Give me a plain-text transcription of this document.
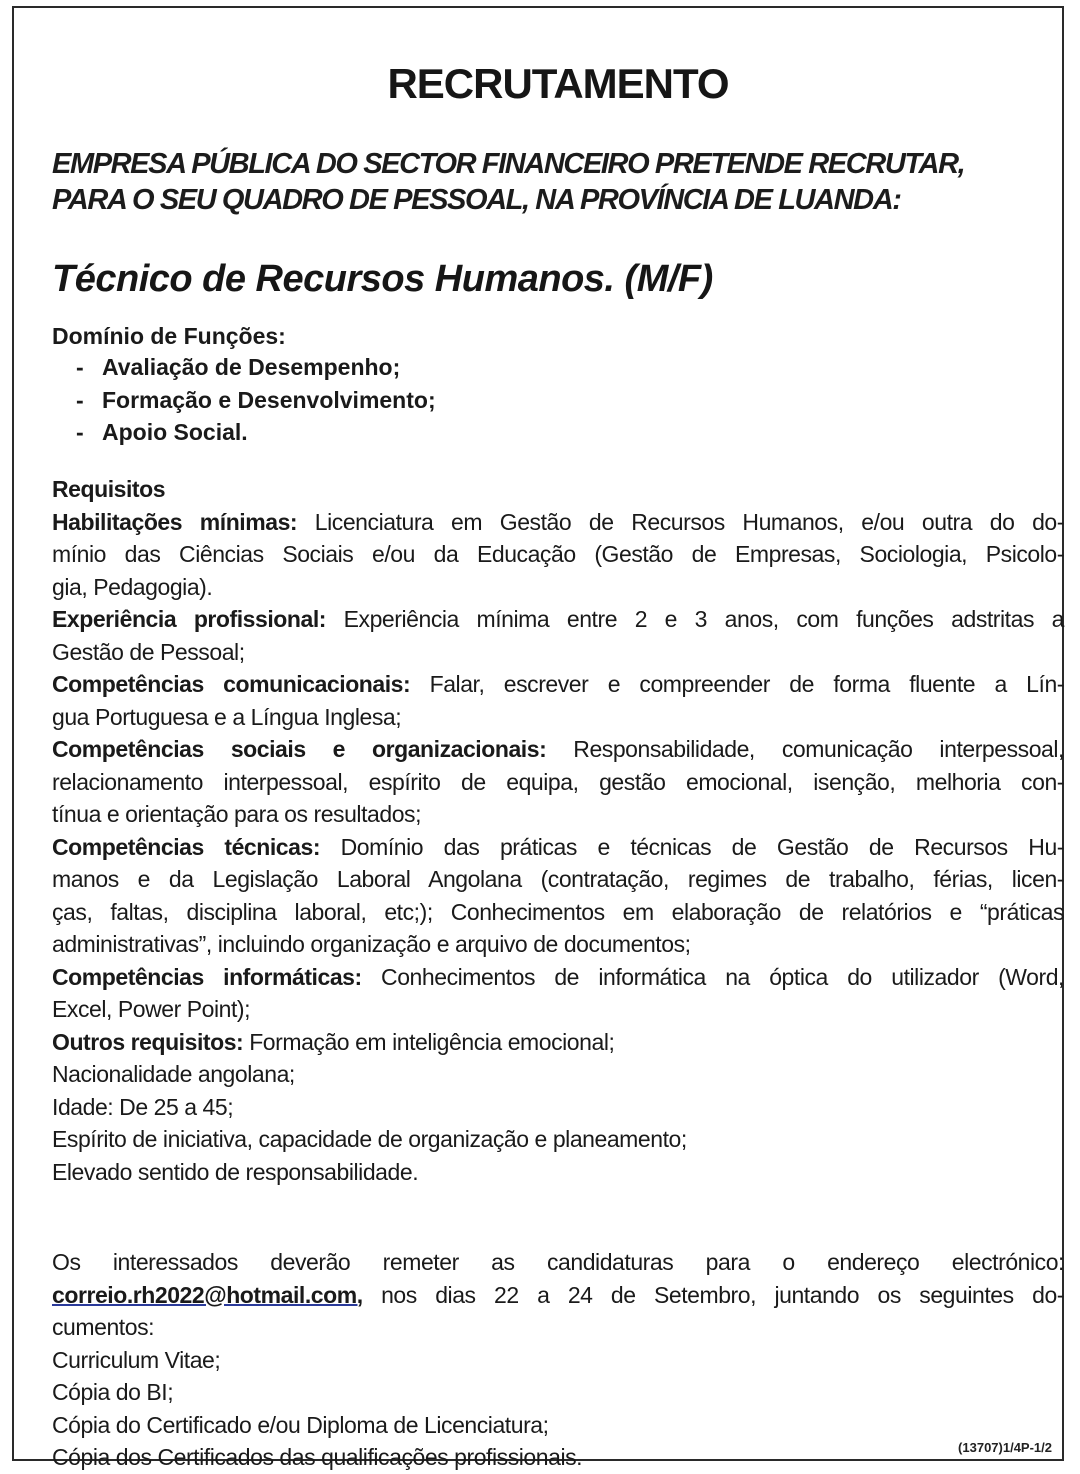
RECRUTAMENTO
EMPRESA PÚBLICA DO SECTOR FINANCEIRO PRETENDE RECRUTAR,
PARA O SEU QUADRO DE PESSOAL, NA PROVÍNCIA DE LUANDA:
Técnico de Recursos Humanos. (M/F)
Domínio de Funções:
- Avaliação de Desempenho;
- Formação e Desenvolvimento;
- Apoio Social.
Requisitos
Habilitações mínimas: Licenciatura em Gestão de Recursos Humanos, e/ou outra do do-
mínio das Ciências Sociais e/ou da Educação (Gestão de Empresas, Sociologia, Psicolo-
gia, Pedagogia).
Experiência profissional: Experiência mínima entre 2 e 3 anos, com funções adstritas a
Gestão de Pessoal;
Competências comunicacionais: Falar, escrever e compreender de forma fluente a Lín-
gua Portuguesa e a Língua Inglesa;
Competências sociais e organizacionais: Responsabilidade, comunicação interpessoal,
relacionamento interpessoal, espírito de equipa, gestão emocional, isenção, melhoria con-
tínua e orientação para os resultados;
Competências técnicas: Domínio das práticas e técnicas de Gestão de Recursos Hu-
manos e da Legislação Laboral Angolana (contratação, regimes de trabalho, férias, licen-
ças, faltas, disciplina laboral, etc;); Conhecimentos em elaboração de relatórios e “práticas
administrativas”, incluindo organização e arquivo de documentos;
Competências informáticas: Conhecimentos de informática na óptica do utilizador (Word,
Excel, Power Point);
Outros requisitos: Formação em inteligência emocional;
Nacionalidade angolana;
Idade: De 25 a 45;
Espírito de iniciativa, capacidade de organização e planeamento;
Elevado sentido de responsabilidade.
Os interessados deverão remeter as candidaturas para o endereço electrónico:
correio.rh2022@hotmail.com, nos dias 22 a 24 de Setembro, juntando os seguintes do-
cumentos:
Curriculum Vitae;
Cópia do BI;
Cópia do Certificado e/ou Diploma de Licenciatura;
Cópia dos Certificados das qualificações profissionais.	(13707)1/4P-1/2
